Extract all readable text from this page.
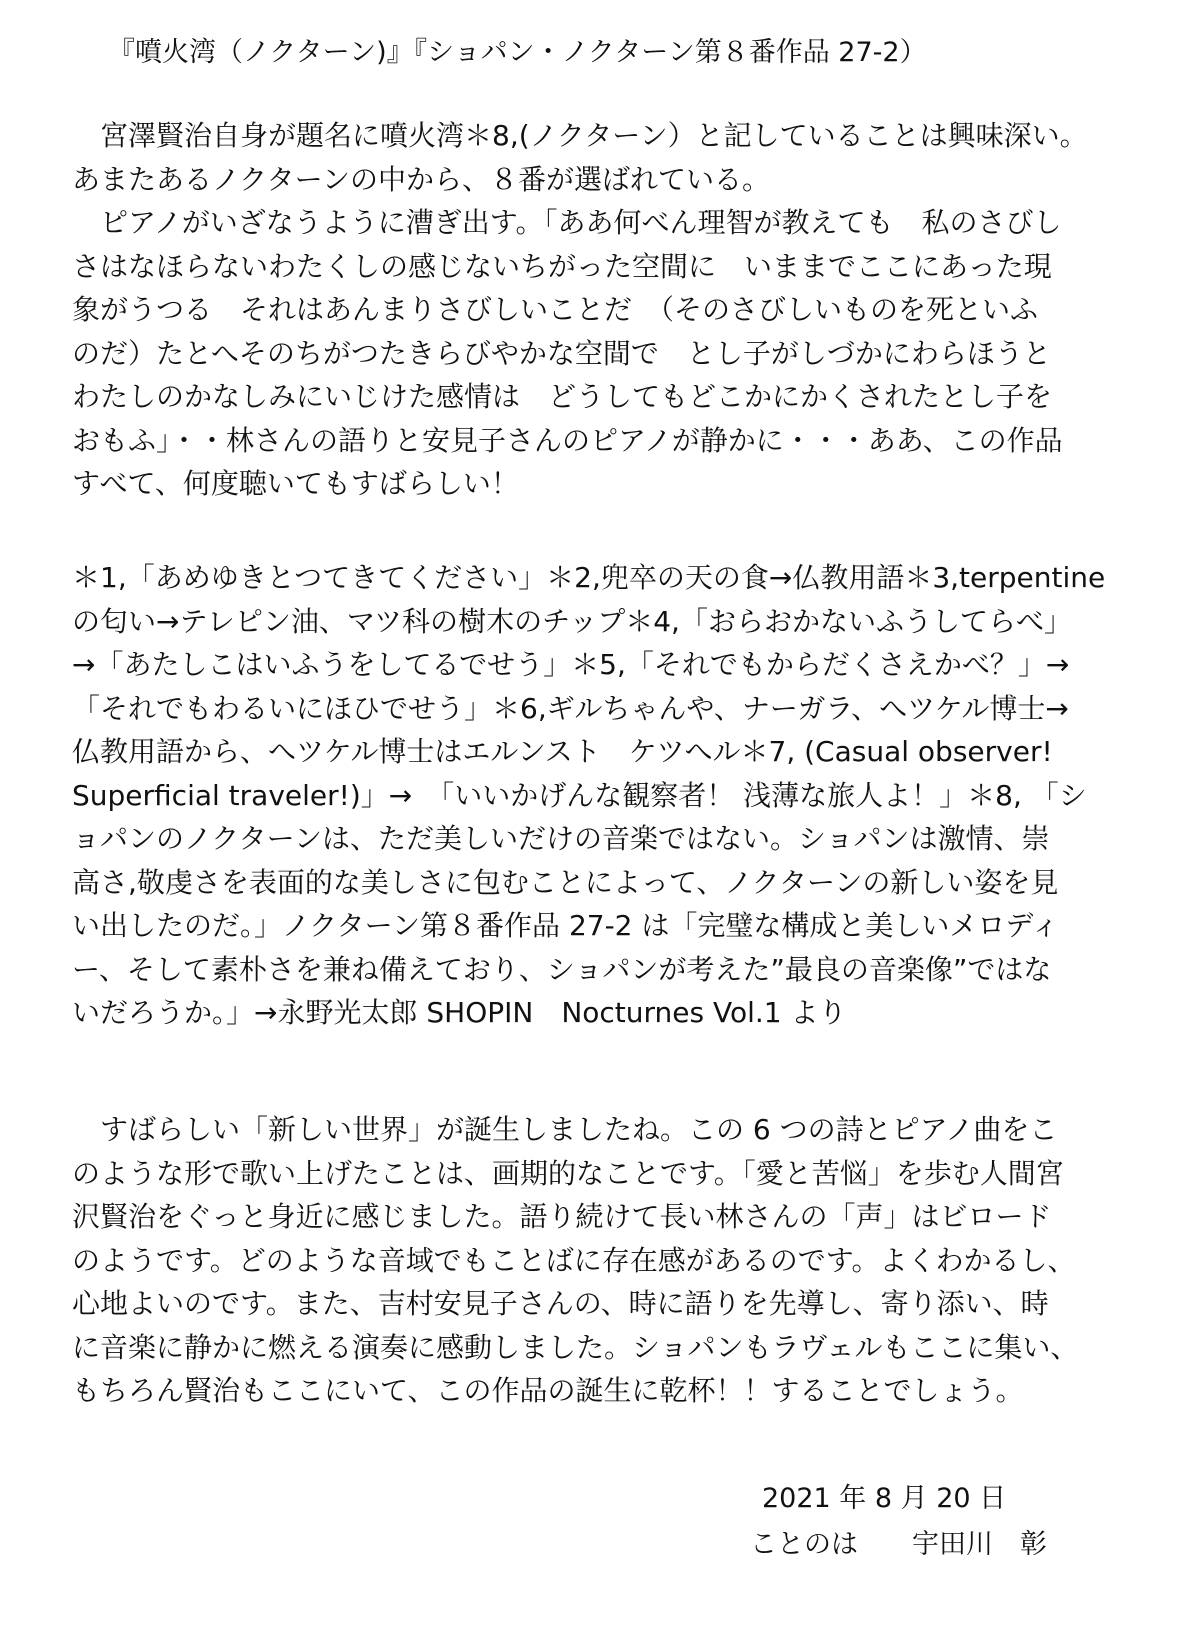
『噴火湾（ノクターン)』『ショパン・ノクターン第８番作品 27-2）
宮澤賢治自身が題名に噴火湾＊8,(ノクターン）と記していることは興味深い。
あまたあるノクターンの中から、８番が選ばれている。
ピアノがいざなうように漕ぎ出す。「ああ何べん理智が教えても　私のさびし
さはなほらないわたくしの感じないちがった空間に　いままでここにあった現
象がうつる　それはあんまりさびしいことだ　（そのさびしいものを死といふ
のだ）たとへそのちがつたきらびやかな空間で　とし子がしづかにわらほうと
わたしのかなしみにいじけた感情は　どうしてもどこかにかくされたとし子を
おもふ」・・林さんの語りと安見子さんのピアノが静かに・・・ああ、この作品
すべて、何度聴いてもすばらしい！
＊1,「あめゆきとつてきてください」＊2,兜卒の天の食→仏教用語＊3,terpentine
の匂い→テレピン油、マツ科の樹木のチップ＊4,「おらおかないふうしてらべ」
→「あたしこはいふうをしてるでせう」＊5,「それでもからだくさえかべ？」→
「それでもわるいにほひでせう」＊6,ギルちゃんや、ナーガラ、へツケル博士→
仏教用語から、へツケル博士はエルンスト　ケツへル＊7, (Casual observer!
Superficial traveler!)」→　「いいかげんな観察者！ 浅薄な旅人よ！」＊8, 「シ
ョパンのノクターンは、ただ美しいだけの音楽ではない。ショパンは激情、崇
高さ,敬虔さを表面的な美しさに包むことによって、ノクターンの新しい姿を見
い出したのだ。」ノクターン第８番作品 27-2 は「完璧な構成と美しいメロディ
ー、そして素朴さを兼ね備えており、ショパンが考えた”最良の音楽像”ではな
いだろうか。」→永野光太郎 SHOPIN　Nocturnes Vol.1 より
すばらしい「新しい世界」が誕生しましたね。この 6 つの詩とピアノ曲をこ
のような形で歌い上げたことは、画期的なことです。「愛と苦悩」を歩む人間宮
沢賢治をぐっと身近に感じました。語り続けて長い林さんの「声」はビロード
のようです。どのような音域でもことばに存在感があるのです。よくわかるし、
心地よいのです。また、吉村安見子さんの、時に語りを先導し、寄り添い、時
に音楽に静かに燃える演奏に感動しました。ショパンもラヴェルもここに集い、
もちろん賢治もここにいて、この作品の誕生に乾杯！！することでしょう。
2021 年 8 月 20 日
ことのは　　宇田川　彰
